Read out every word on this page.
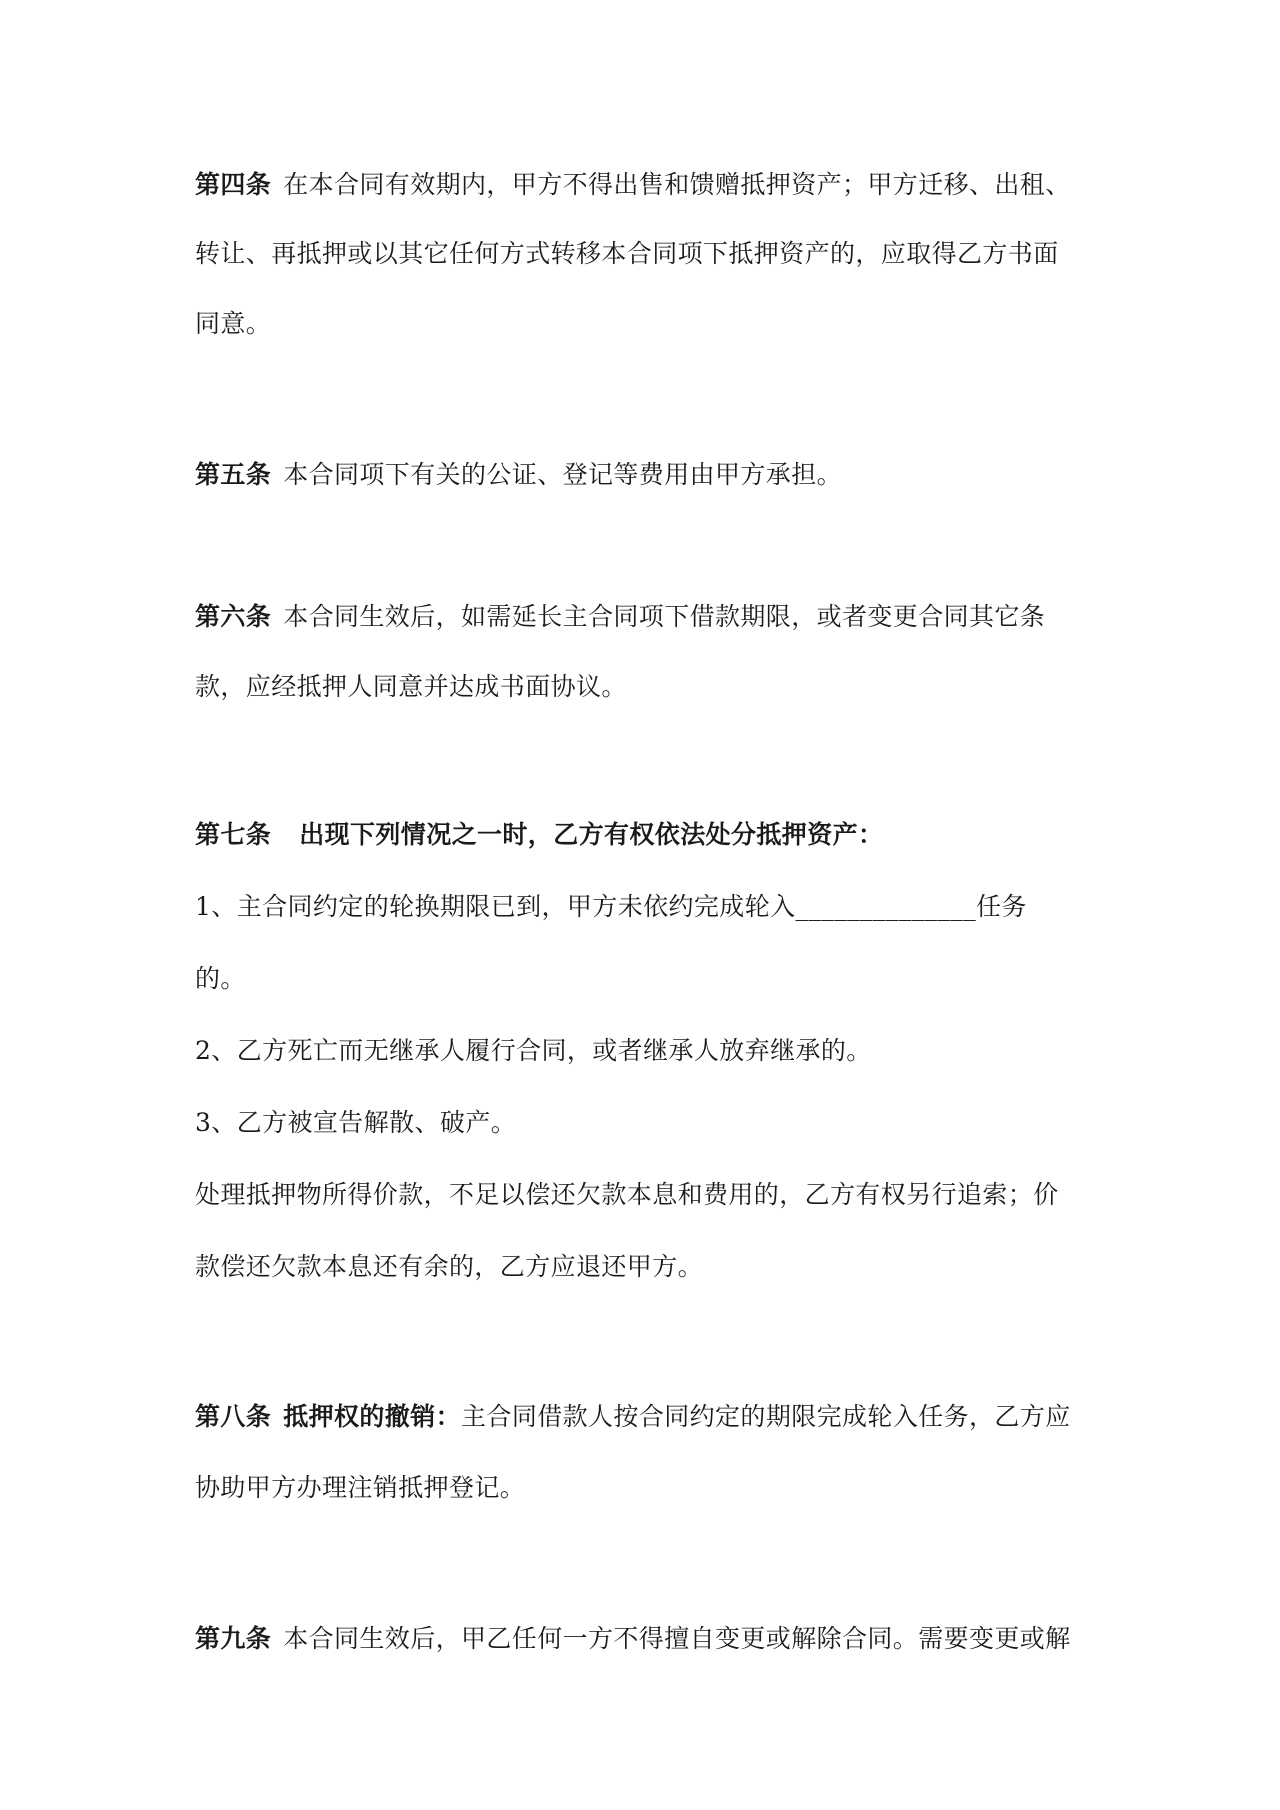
第四条 在本合同有效期内，甲方不得出售和馈赠抵押资产；甲方迁移、出租、
转让、再抵押或以其它任何方式转移本合同项下抵押资产的，应取得乙方书面
同意。
第五条 本合同项下有关的公证、登记等费用由甲方承担。
第六条 本合同生效后，如需延长主合同项下借款期限，或者变更合同其它条
款，应经抵押人同意并达成书面协议。
第七条 出现下列情况之一时，乙方有权依法处分抵押资产：
1、主合同约定的轮换期限已到，甲方未依约完成轮入______________任务
的。
2、乙方死亡而无继承人履行合同，或者继承人放弃继承的。
3、乙方被宣告解散、破产。
处理抵押物所得价款，不足以偿还欠款本息和费用的，乙方有权另行追索；价
款偿还欠款本息还有余的，乙方应退还甲方。
第八条 抵押权的撤销：主合同借款人按合同约定的期限完成轮入任务，乙方应
协助甲方办理注销抵押登记。
第九条 本合同生效后，甲乙任何一方不得擅自变更或解除合同。需要变更或解
